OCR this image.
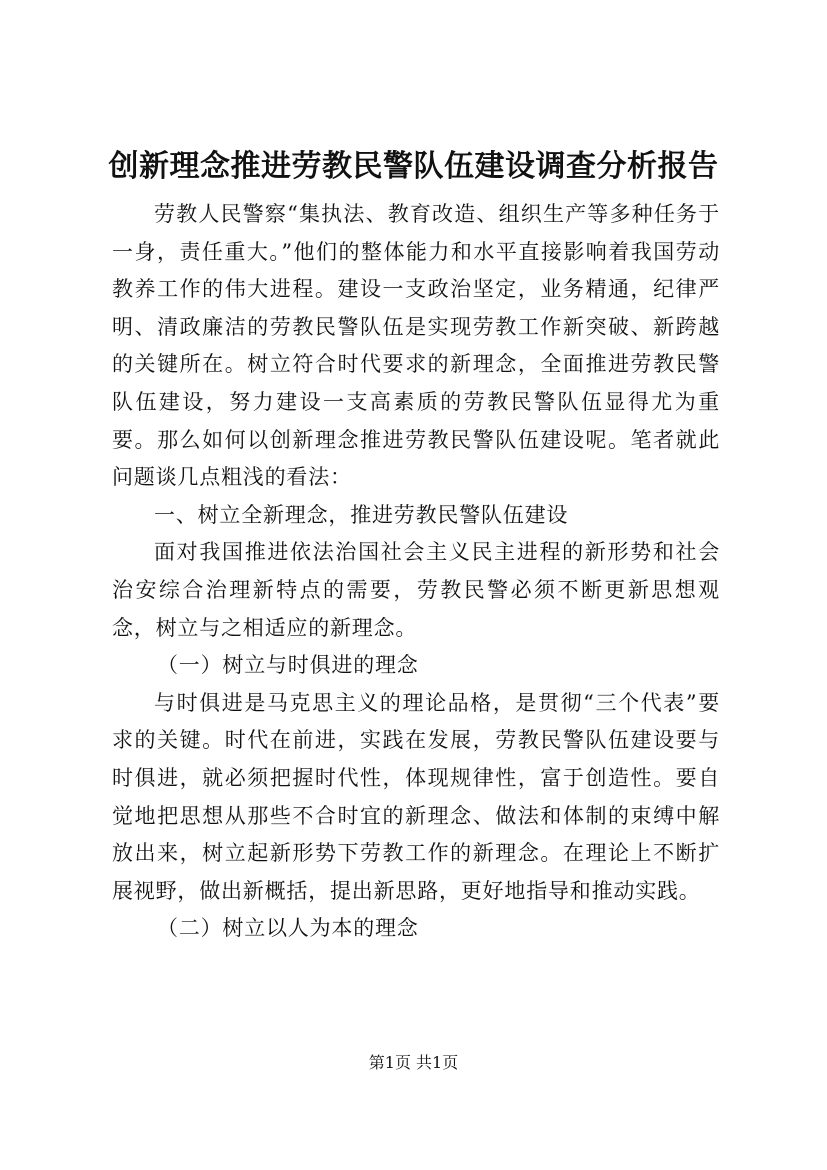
创新理念推进劳教民警队伍建设调查分析报告

劳教人民警察“集执法、教育改造、组织生产等多种任务于一身，责任重大。”他们的整体能力和水平直接影响着我国劳动教养工作的伟大进程。建设一支政治坚定，业务精通，纪律严明、清政廉洁的劳教民警队伍是实现劳教工作新突破、新跨越的关键所在。树立符合时代要求的新理念，全面推进劳教民警队伍建设，努力建设一支高素质的劳教民警队伍显得尤为重要。那么如何以创新理念推进劳教民警队伍建设呢。笔者就此问题谈几点粗浅的看法：

一、树立全新理念，推进劳教民警队伍建设

面对我国推进依法治国社会主义民主进程的新形势和社会治安综合治理新特点的需要，劳教民警必须不断更新思想观念，树立与之相适应的新理念。

（一）树立与时俱进的理念

与时俱进是马克思主义的理论品格，是贯彻“三个代表”要求的关键。时代在前进，实践在发展，劳教民警队伍建设要与时俱进，就必须把握时代性，体现规律性，富于创造性。要自觉地把思想从那些不合时宜的新理念、做法和体制的束缚中解放出来，树立起新形势下劳教工作的新理念。在理论上不断扩展视野，做出新概括，提出新思路，更好地指导和推动实践。

（二）树立以人为本的理念

第1页 共1页
